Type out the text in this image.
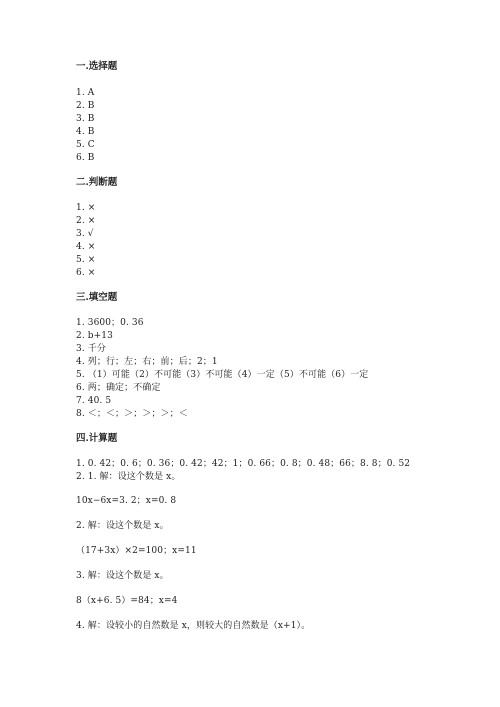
一.选择题
1. A
2. B
3. B
4. B
5. C
6. B
二.判断题
1. ×
2. ×
3. √
4. ×
5. ×
6. ×
三.填空题
1. 3600；0. 36
2. b+13
3. 千分
4. 列；行；左；右；前；后；2；1
5. （1）可能（2）不可能（3）不可能（4）一定（5）不可能（6）一定
6. 两；确定；不确定
7. 40. 5
8. ＜；＜；＞；＞；＞；＜
四.计算题
1. 0. 42；0. 6；0. 36；0. 42；42；1；0. 66；0. 8；0. 48；66；8. 8；0. 52
2. 1. 解：设这个数是 x。
10x−6x=3. 2；x=0. 8
2. 解：设这个数是 x。
（17+3x）×2=100；x=11
3. 解：设这个数是 x。
8（x+6. 5）=84；x=4
4. 解：设较小的自然数是 x，则较大的自然数是（x+1）。
